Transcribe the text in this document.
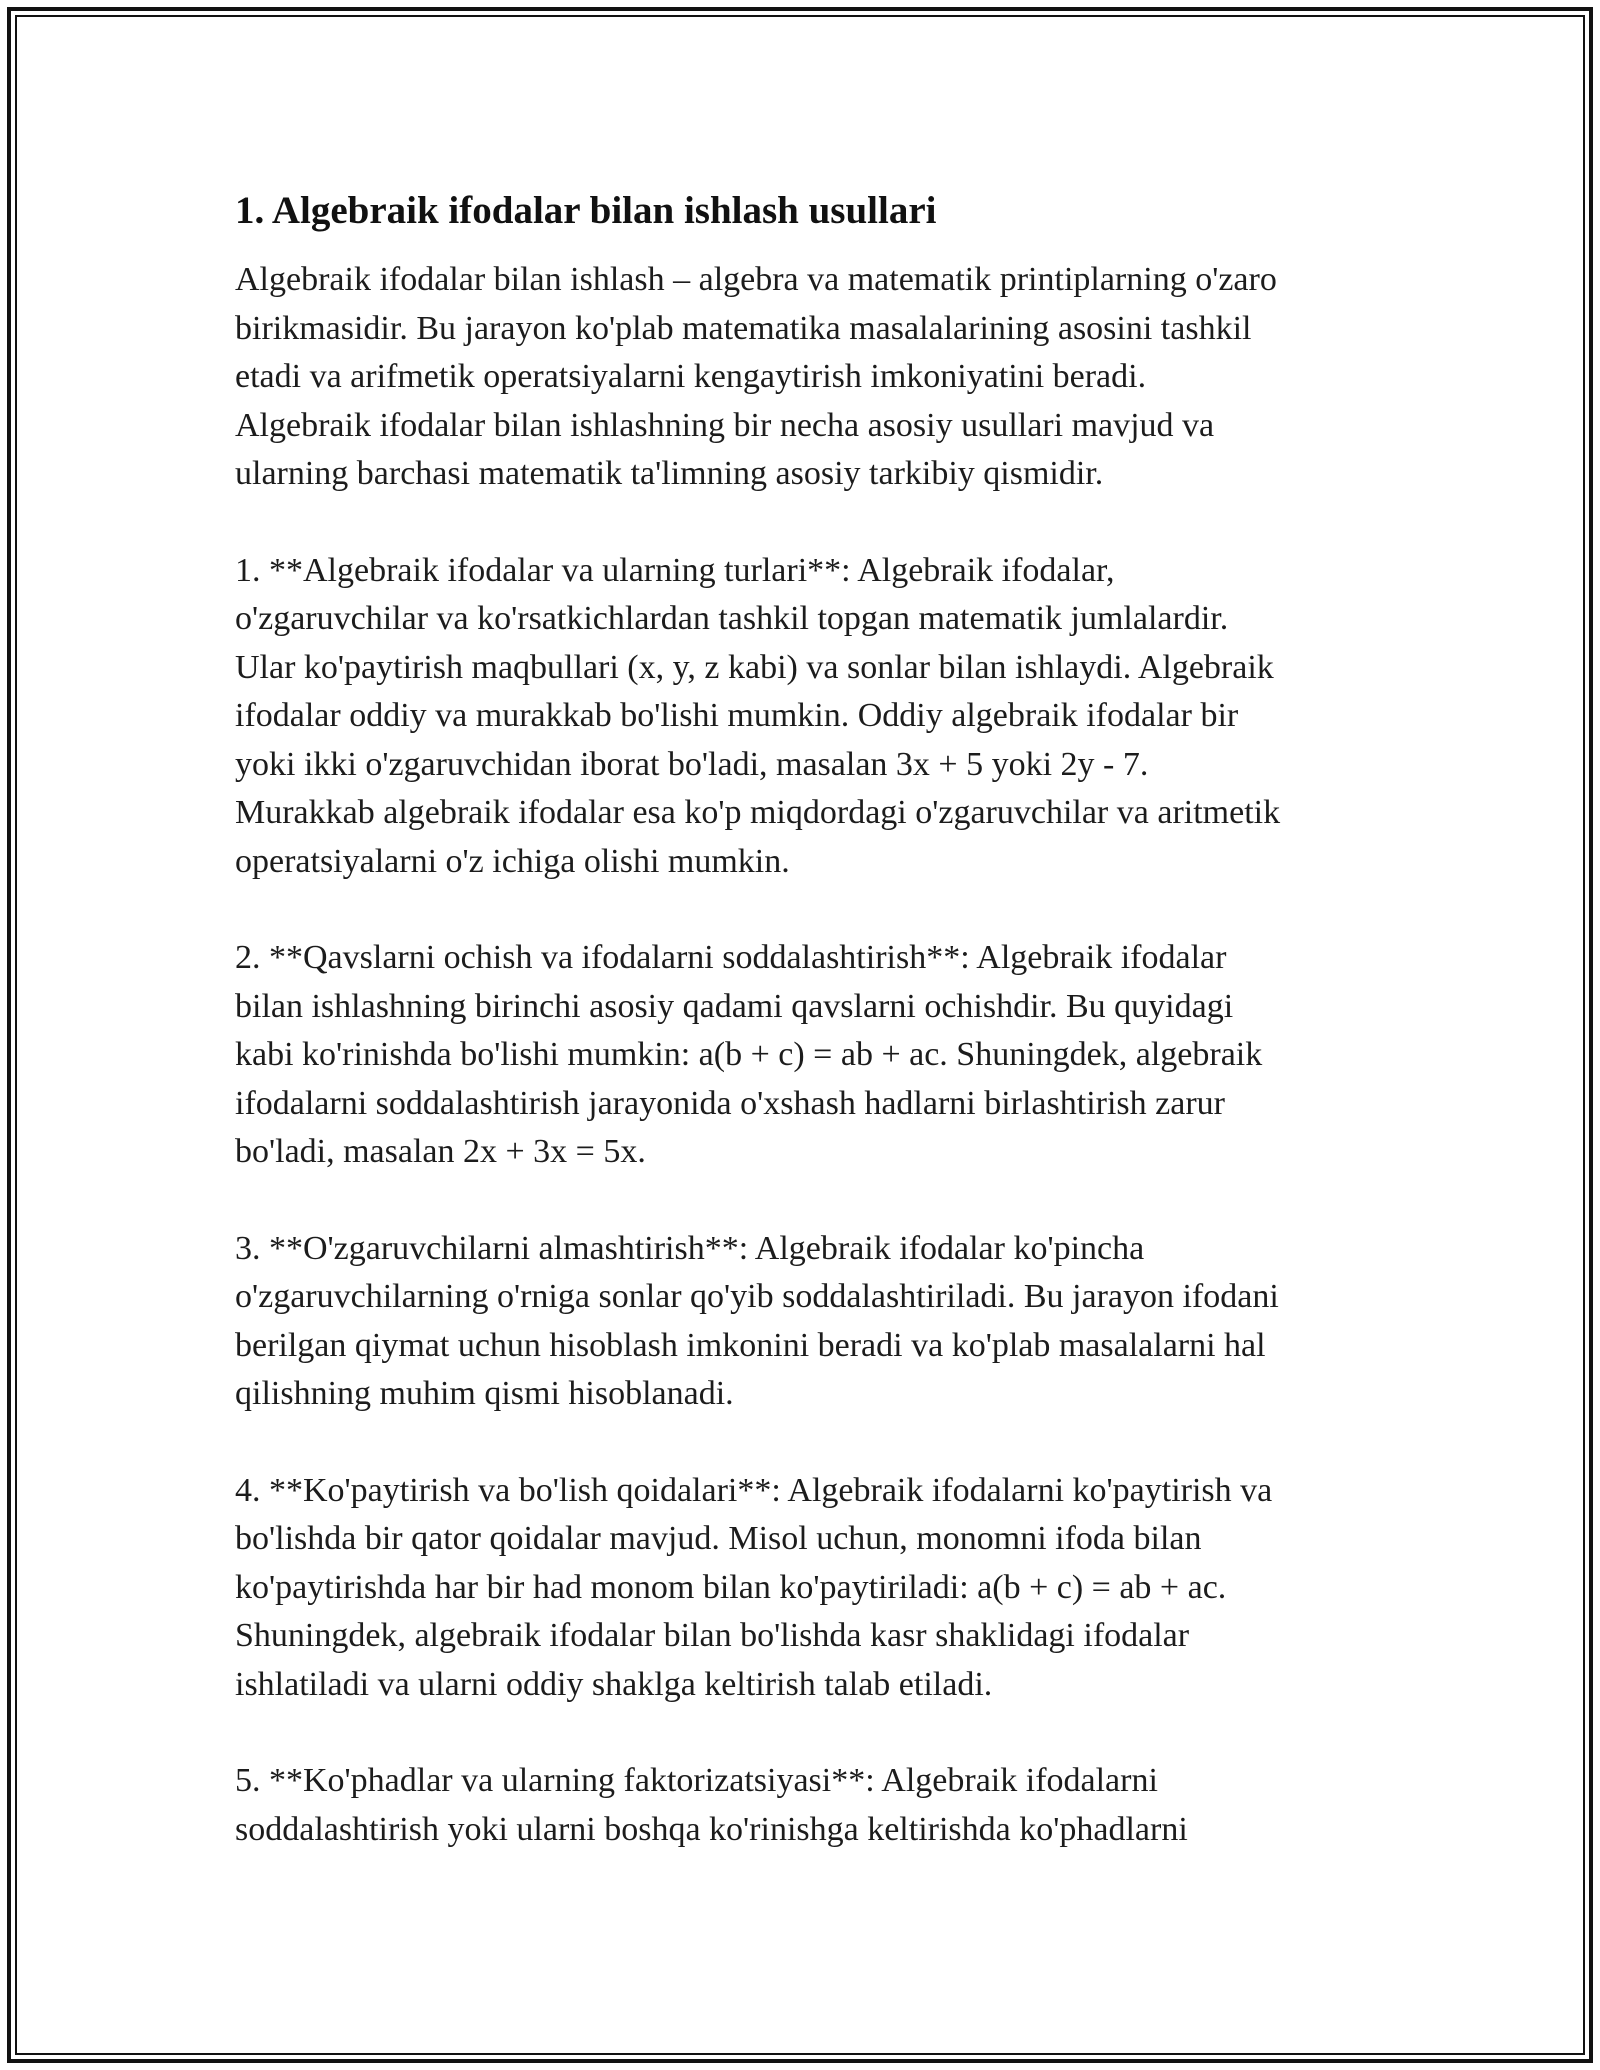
1. Algebraik ifodalar bilan ishlash usullari

Algebraik ifodalar bilan ishlash – algebra va matematik printiplarning o'zaro
birikmasidir. Bu jarayon ko'plab matematika masalalarining asosini tashkil
etadi va arifmetik operatsiyalarni kengaytirish imkoniyatini beradi.
Algebraik ifodalar bilan ishlashning bir necha asosiy usullari mavjud va
ularning barchasi matematik ta'limning asosiy tarkibiy qismidir.

1. **Algebraik ifodalar va ularning turlari**: Algebraik ifodalar,
o'zgaruvchilar va ko'rsatkichlardan tashkil topgan matematik jumlalardir.
Ular ko'paytirish maqbullari (x, y, z kabi) va sonlar bilan ishlaydi. Algebraik
ifodalar oddiy va murakkab bo'lishi mumkin. Oddiy algebraik ifodalar bir
yoki ikki o'zgaruvchidan iborat bo'ladi, masalan 3x + 5 yoki 2y - 7.
Murakkab algebraik ifodalar esa ko'p miqdordagi o'zgaruvchilar va aritmetik
operatsiyalarni o'z ichiga olishi mumkin.

2. **Qavslarni ochish va ifodalarni soddalashtirish**: Algebraik ifodalar
bilan ishlashning birinchi asosiy qadami qavslarni ochishdir. Bu quyidagi
kabi ko'rinishda bo'lishi mumkin: a(b + c) = ab + ac. Shuningdek, algebraik
ifodalarni soddalashtirish jarayonida o'xshash hadlarni birlashtirish zarur
bo'ladi, masalan 2x + 3x = 5x.

3. **O'zgaruvchilarni almashtirish**: Algebraik ifodalar ko'pincha
o'zgaruvchilarning o'rniga sonlar qo'yib soddalashtiriladi. Bu jarayon ifodani
berilgan qiymat uchun hisoblash imkonini beradi va ko'plab masalalarni hal
qilishning muhim qismi hisoblanadi.

4. **Ko'paytirish va bo'lish qoidalari**: Algebraik ifodalarni ko'paytirish va
bo'lishda bir qator qoidalar mavjud. Misol uchun, monomni ifoda bilan
ko'paytirishda har bir had monom bilan ko'paytiriladi: a(b + c) = ab + ac.
Shuningdek, algebraik ifodalar bilan bo'lishda kasr shaklidagi ifodalar
ishlatiladi va ularni oddiy shaklga keltirish talab etiladi.

5. **Ko'phadlar va ularning faktorizatsiyasi**: Algebraik ifodalarni
soddalashtirish yoki ularni boshqa ko'rinishga keltirishda ko'phadlarni
